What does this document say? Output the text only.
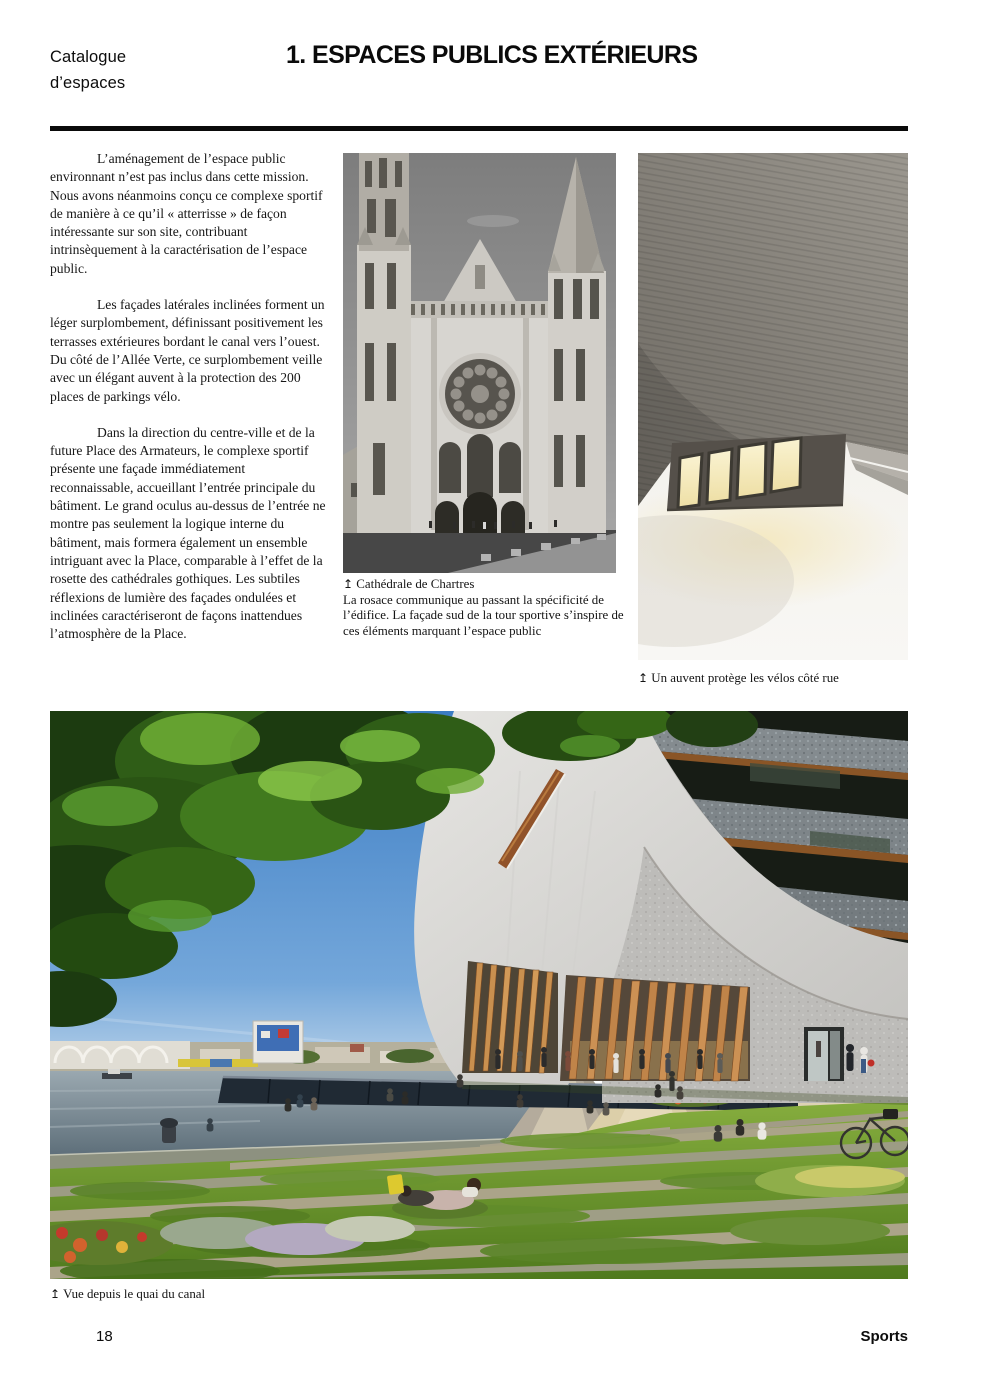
Catalogue
d’espaces
1. ESPACES PUBLICS EXTÉRIEURS

L’aménagement de l’espace public environnant n’est pas inclus dans cette mission. Nous avons néanmoins conçu ce complexe sportif de manière à ce qu’il « atterrisse » de façon intéressante sur son site, contribuant intrinsèquement à la caractérisation de l’espace public.

Les façades latérales inclinées forment un léger surplombement, définissant positivement les terrasses extérieures bordant le canal vers l’ouest. Du côté de l’Allée Verte, ce surplombement veille avec un élégant auvent à la protection des 200 places de parkings vélo.

Dans la direction du centre-ville et de la future Place des Armateurs, le complexe sportif présente une façade immédiatement reconnaissable, accueillant l’entrée principale du bâtiment. Le grand oculus au-dessus de l’entrée ne montre pas seulement la logique interne du bâtiment, mais formera également un ensemble intriguant avec la Place, comparable à l’effet de la rosette des cathédrales gothiques. Les subtiles réflexions de lumière des façades ondulées et inclinées caractériseront de façons inattendues l’atmosphère de la Place.

↥ Cathédrale de Chartres
La rosace communique au passant la spécificité de l’édifice. La façade sud de la tour sportive s’inspire de ces éléments marquant l’espace public
↥ Un auvent protège les vélos côté rue
↥ Vue depuis le quai du canal
18	Sports
